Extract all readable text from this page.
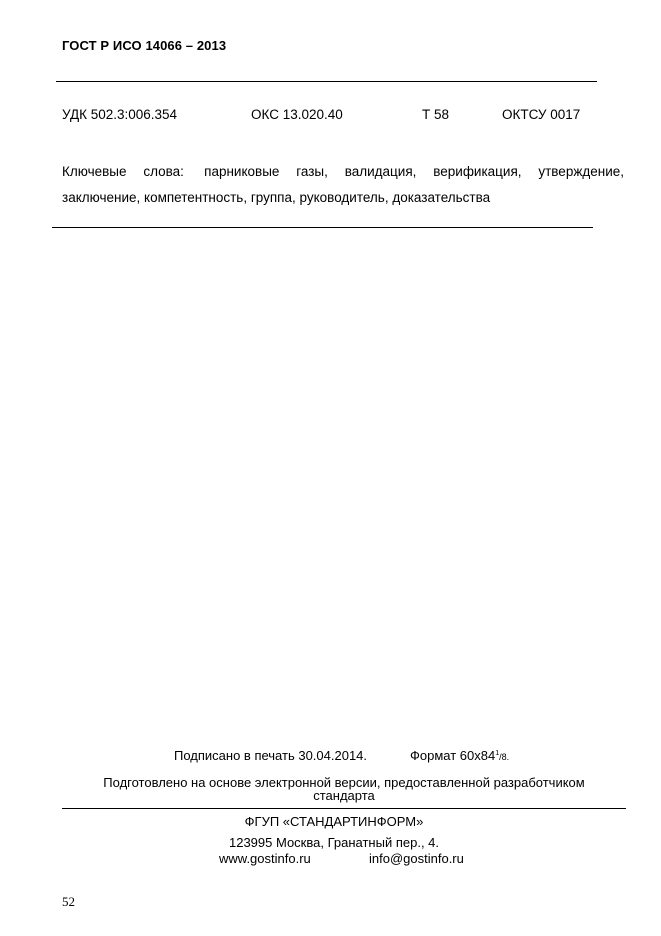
ГОСТ Р ИСО 14066 – 2013
УДК 502.3:006.354	ОКС 13.020.40	Т 58	ОКТСУ 0017
Ключевые слова: парниковые газы, валидация, верификация, утверждение, заключение, компетентность, группа, руководитель, доказательства
Подписано в печать 30.04.2014.	Формат $60x84^1/8$.
Подготовлено на основе электронной версии, предоставленной разработчиком
стандарта
ФГУП «СТАНДАРТИНФОРМ»
123995 Москва, Гранатный пер., 4.
www.gostinfo.ru	info@gostinfo.ru
52
